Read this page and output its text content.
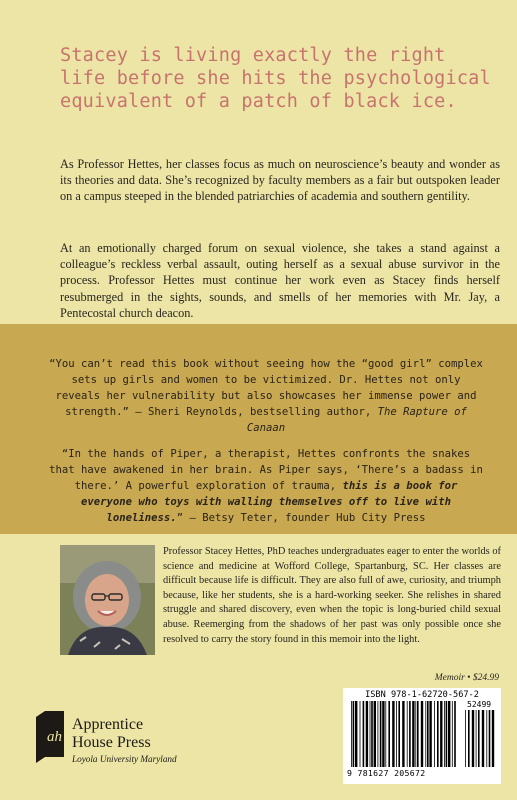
Stacey is living exactly the right life before she hits the psychological equivalent of a patch of black ice.

As Professor Hettes, her classes focus as much on neuroscience’s beauty and wonder as its theories and data. She’s recognized by faculty members as a fair but outspoken leader on a campus steeped in the blended patriarchies of academia and southern gentility.

At an emotionally charged forum on sexual violence, she takes a stand against a colleague’s reckless verbal assault, outing herself as a sexual abuse survivor in the process. Professor Hettes must continue her work even as Stacey finds herself resubmerged in the sights, sounds, and smells of her memories with Mr. Jay, a Pentecostal church deacon.

“You can’t read this book without seeing how the “good girl” complex sets up girls and women to be victimized. Dr. Hettes not only reveals her vulnerability but also showcases her immense power and strength.” — Sheri Reynolds, bestselling author, The Rapture of Canaan

“In the hands of Piper, a therapist, Hettes confronts the snakes that have awakened in her brain. As Piper says, ‘There’s a badass in there.’ A powerful exploration of trauma, this is a book for everyone who toys with walling themselves off to live with loneliness.” — Betsy Teter, founder Hub City Press

Professor Stacey Hettes, PhD teaches undergraduates eager to enter the worlds of science and medicine at Wofford College, Spartanburg, SC. Her classes are difficult because life is difficult. They are also full of awe, curiosity, and triumph because, like her students, she is a hard-working seeker. She relishes in shared struggle and shared discovery, even when the topic is long-buried child sexual abuse. Reemerging from the shadows of her past was only possible once she resolved to carry the story found in this memoir into the light.

ah

Apprentice
House Press

Loyola University Maryland

Memoir • $24.99

ISBN 978-1-62720-567-2

52499

9 781627 205672
